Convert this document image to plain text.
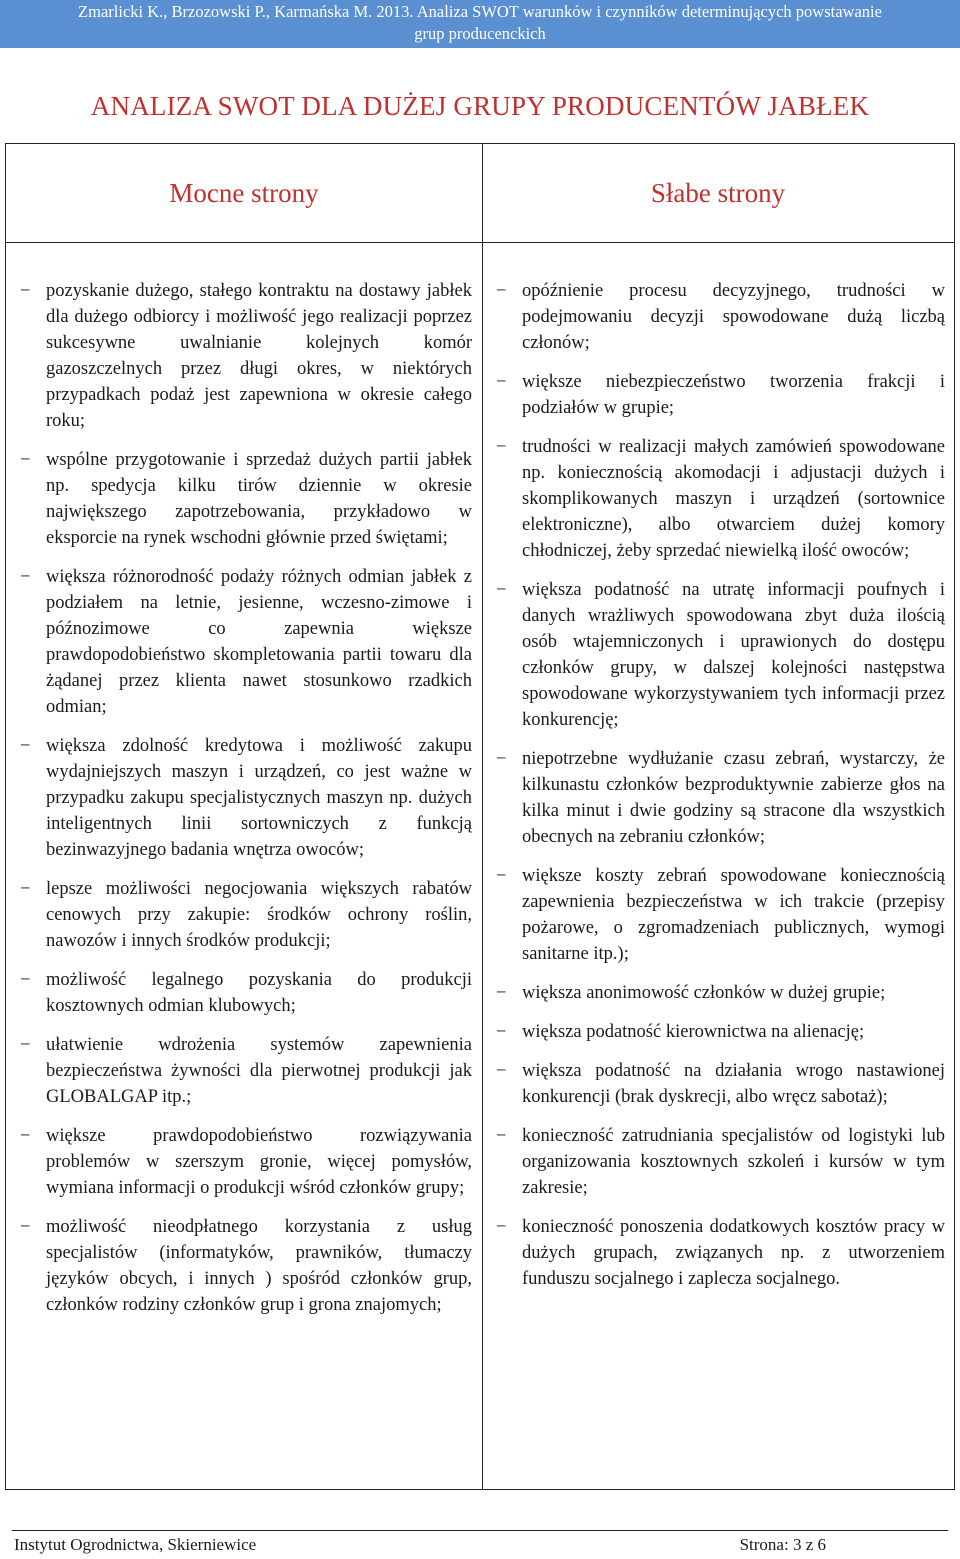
Zmarlicki K., Brzozowski P., Karmańska M. 2013. Analiza SWOT warunków i czynników determinujących powstawanie
grup producenckich
ANALIZA SWOT DLA DUŻEJ GRUPY PRODUCENTÓW JABŁEK
Mocne strony	Słabe strony
− pozyskanie dużego, stałego kontraktu na dostawy jabłek dla dużego odbiorcy i możliwość jego realizacji poprzez sukcesywne uwalnianie kolejnych komór gazoszczelnych przez długi okres, w niektórych przypadkach podaż jest zapewniona w okresie całego roku;
− wspólne przygotowanie i sprzedaż dużych partii jabłek np. spedycja kilku tirów dziennie w okresie największego zapotrzebowania, przykładowo w eksporcie na rynek wschodni głównie przed świętami;
− większa różnorodność podaży różnych odmian jabłek z podziałem na letnie, jesienne, wczesno-zimowe i późnozimowe co zapewnia większe prawdopodobieństwo skompletowania partii towaru dla żądanej przez klienta nawet stosunkowo rzadkich odmian;
− większa zdolność kredytowa i możliwość zakupu wydajniejszych maszyn i urządzeń, co jest ważne w przypadku zakupu specjalistycznych maszyn np. dużych inteligentnych linii sortowniczych z funkcją bezinwazyjnego badania wnętrza owoców;
− lepsze możliwości negocjowania większych rabatów cenowych przy zakupie: środków ochrony roślin, nawozów i innych środków produkcji;
− możliwość legalnego pozyskania do produkcji kosztownych odmian klubowych;
− ułatwienie wdrożenia systemów zapewnienia bezpieczeństwa żywności dla pierwotnej produkcji jak GLOBALGAP itp.;
− większe prawdopodobieństwo rozwiązywania problemów w szerszym gronie, więcej pomysłów, wymiana informacji o produkcji wśród członków grupy;
− możliwość nieodpłatnego korzystania z usług specjalistów (informatyków, prawników, tłumaczy języków obcych, i innych ) spośród członków grup, członków rodziny członków grup i grona znajomych;
− opóźnienie procesu decyzyjnego, trudności w podejmowaniu decyzji spowodowane dużą liczbą członów;
− większe niebezpieczeństwo tworzenia frakcji i podziałów w grupie;
− trudności w realizacji małych zamówień spowodowane np. koniecznością akomodacji i adjustacji dużych i skomplikowanych maszyn i urządzeń (sortownice elektroniczne), albo otwarciem dużej komory chłodniczej, żeby sprzedać niewielką ilość owoców;
− większa podatność na utratę informacji poufnych i danych wrażliwych spowodowana zbyt duża ilością osób wtajemniczonych i uprawionych do dostępu członków grupy, w dalszej kolejności następstwa spowodowane wykorzystywaniem tych informacji przez konkurencję;
− niepotrzebne wydłużanie czasu zebrań, wystarczy, że kilkunastu członków bezproduktywnie zabierze głos na kilka minut i dwie godziny są stracone dla wszystkich obecnych na zebraniu członków;
− większe koszty zebrań spowodowane koniecznością zapewnienia bezpieczeństwa w ich trakcie (przepisy pożarowe, o zgromadzeniach publicznych, wymogi sanitarne itp.);
− większa anonimowość członków w dużej grupie;
− większa podatność kierownictwa na alienację;
− większa podatność na działania wrogo nastawionej konkurencji (brak dyskrecji, albo wręcz sabotaż);
− konieczność zatrudniania specjalistów od logistyki lub organizowania kosztownych szkoleń i kursów w tym zakresie;
− konieczność ponoszenia dodatkowych kosztów pracy w dużych grupach, związanych np. z utworzeniem funduszu socjalnego i zaplecza socjalnego.
Instytut Ogrodnictwa, Skierniewice	Strona: 3 z 6
